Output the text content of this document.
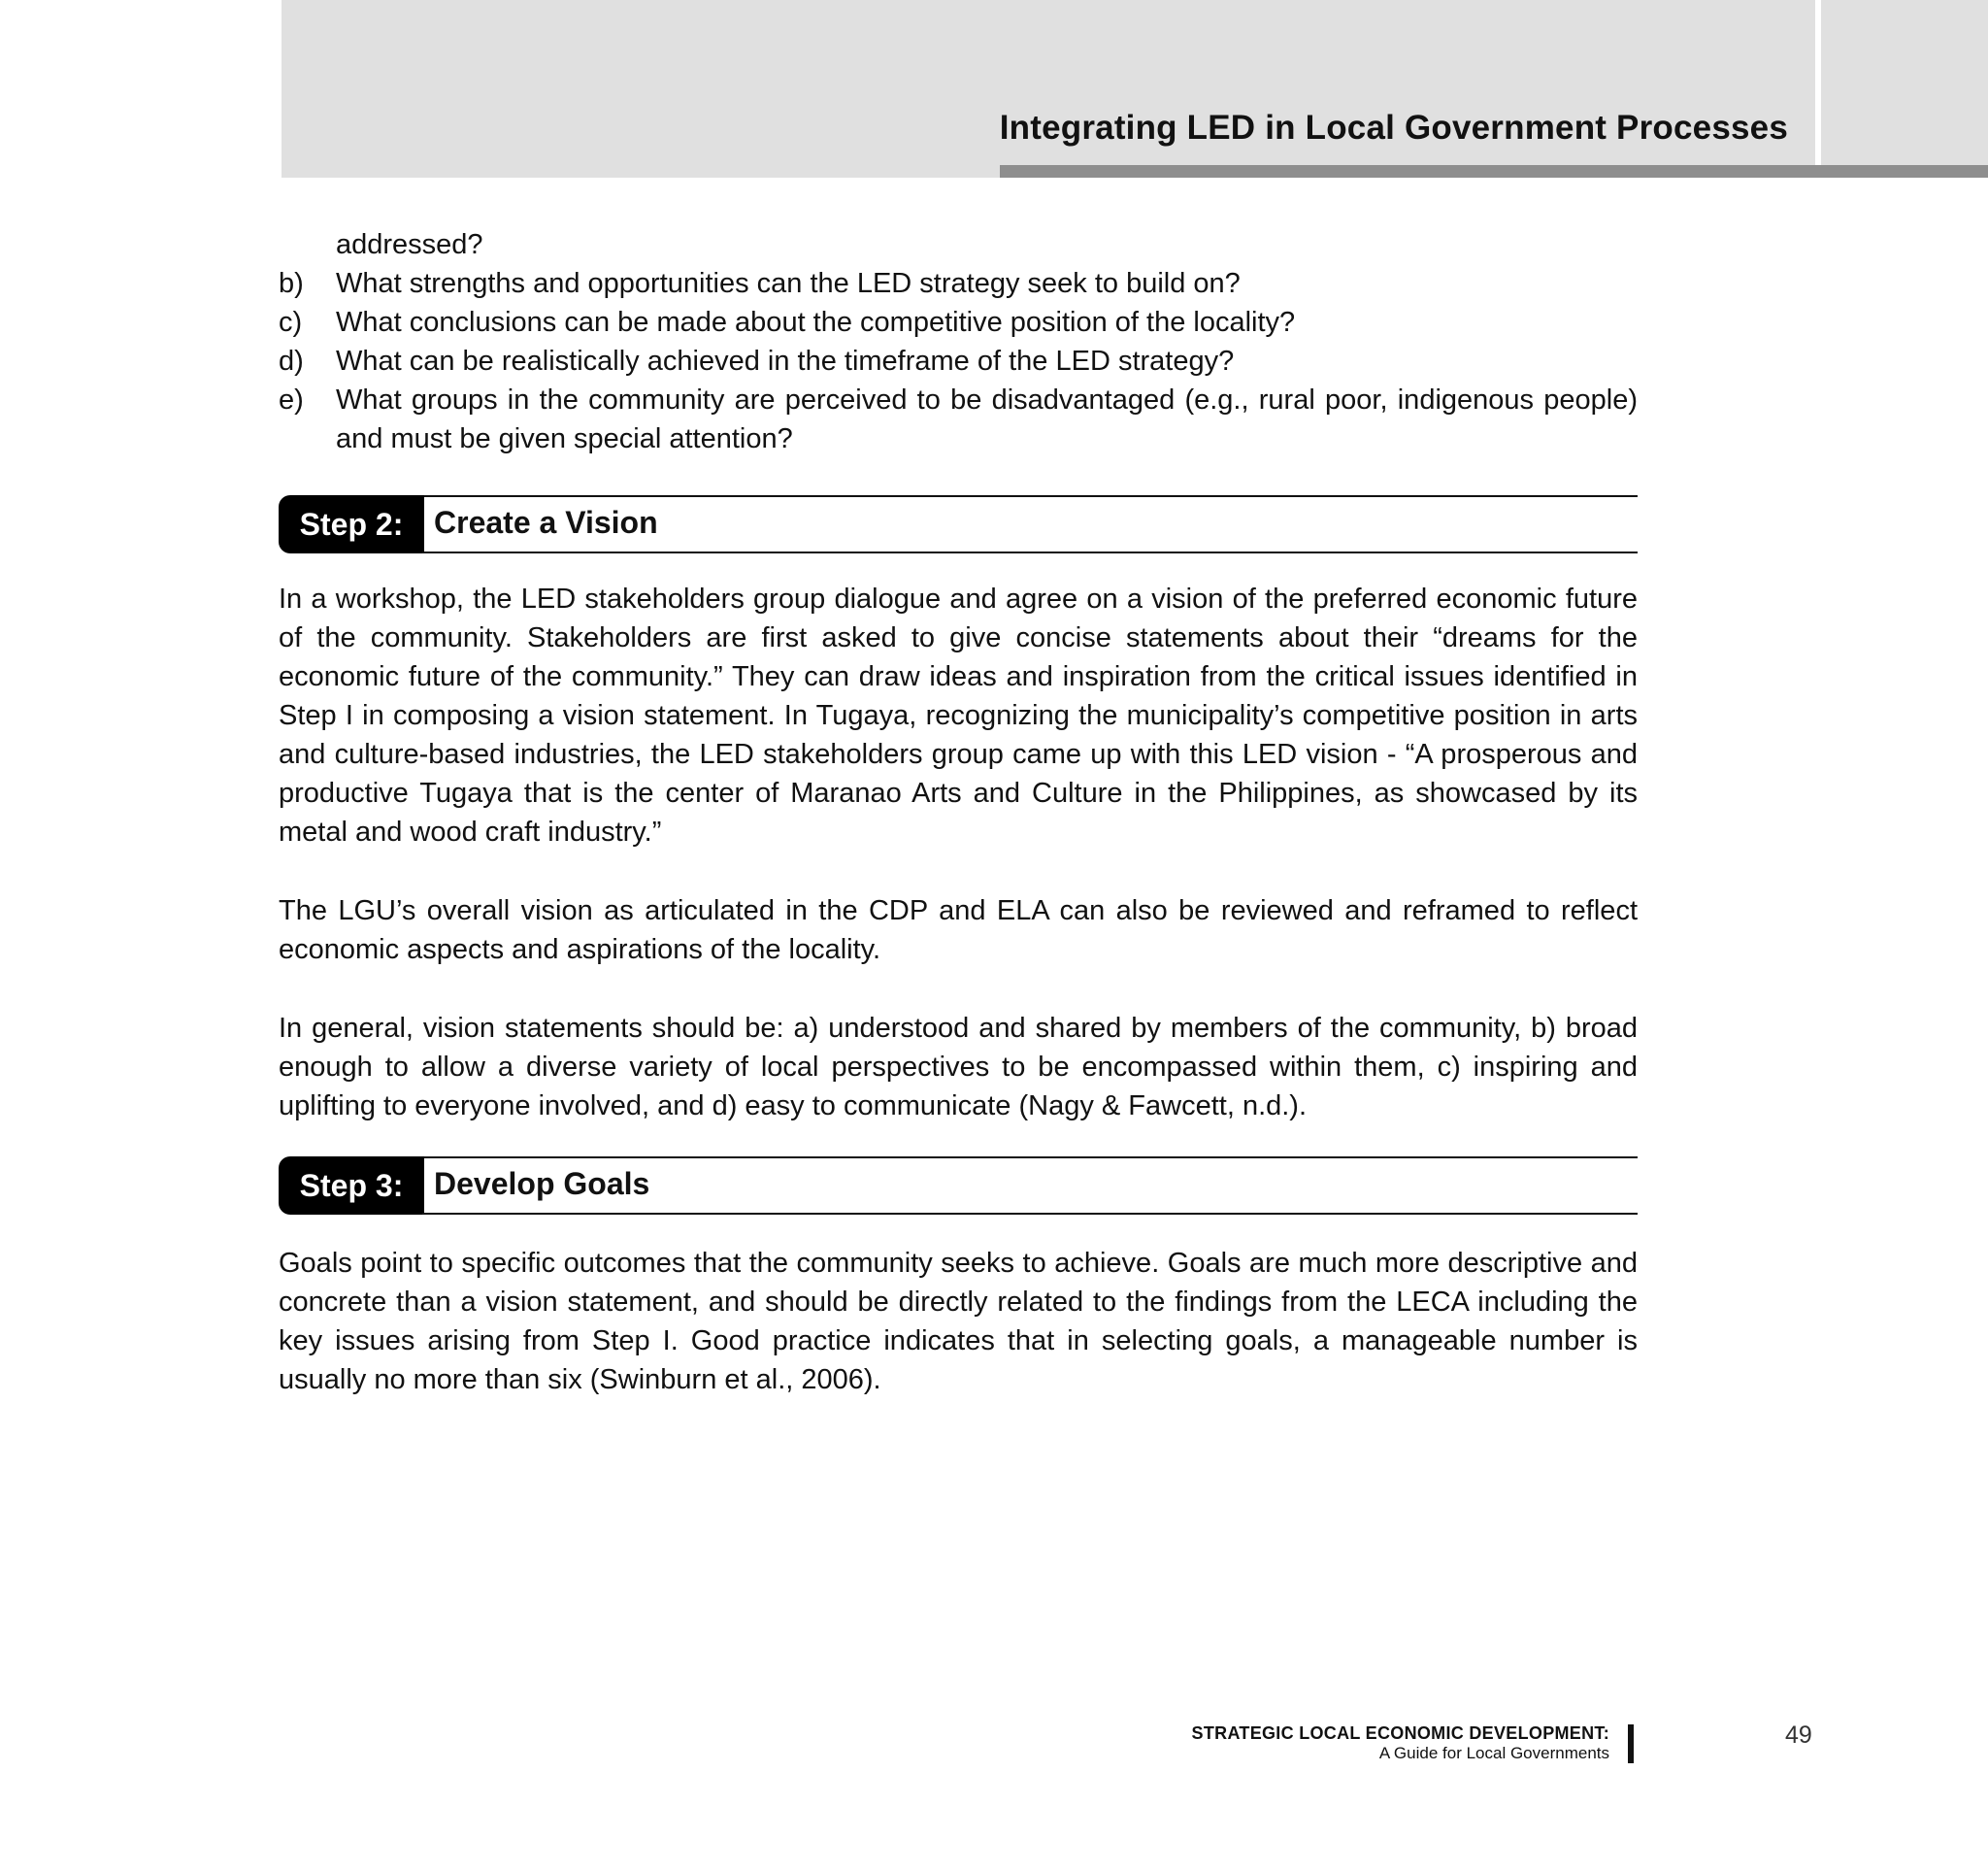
Integrating LED in Local Government Processes
addressed?
b) What strengths and opportunities can the LED strategy seek to build on?
c) What conclusions can be made about the competitive position of the locality?
d) What can be realistically achieved in the timeframe of the LED strategy?
e) What groups in the community are perceived to be disadvantaged (e.g., rural poor, indigenous people) and must be given special attention?
Step 2: Create a Vision

In a workshop, the LED stakeholders group dialogue and agree on a vision of the preferred economic future of the community. Stakeholders are first asked to give concise statements about their “dreams for the economic future of the community.” They can draw ideas and inspiration from the critical issues identified in Step I in composing a vision statement. In Tugaya, recognizing the municipality’s competitive position in arts and culture-based industries, the LED stakeholders group came up with this LED vision - “A prosperous and productive Tugaya that is the center of Maranao Arts and Culture in the Philippines, as showcased by its metal and wood craft industry.”

The LGU’s overall vision as articulated in the CDP and ELA can also be reviewed and reframed to reflect economic aspects and aspirations of the locality.

In general, vision statements should be: a) understood and shared by members of the community, b) broad enough to allow a diverse variety of local perspectives to be encompassed within them, c) inspiring and uplifting to everyone involved, and d) easy to communicate (Nagy & Fawcett, n.d.).

Step 3: Develop Goals

Goals point to specific outcomes that the community seeks to achieve. Goals are much more descriptive and concrete than a vision statement, and should be directly related to the findings from the LECA including the key issues arising from Step I. Good practice indicates that in selecting goals, a manageable number is usually no more than six (Swinburn et al., 2006).

STRATEGIC LOCAL ECONOMIC DEVELOPMENT:
A Guide for Local Governments
49
